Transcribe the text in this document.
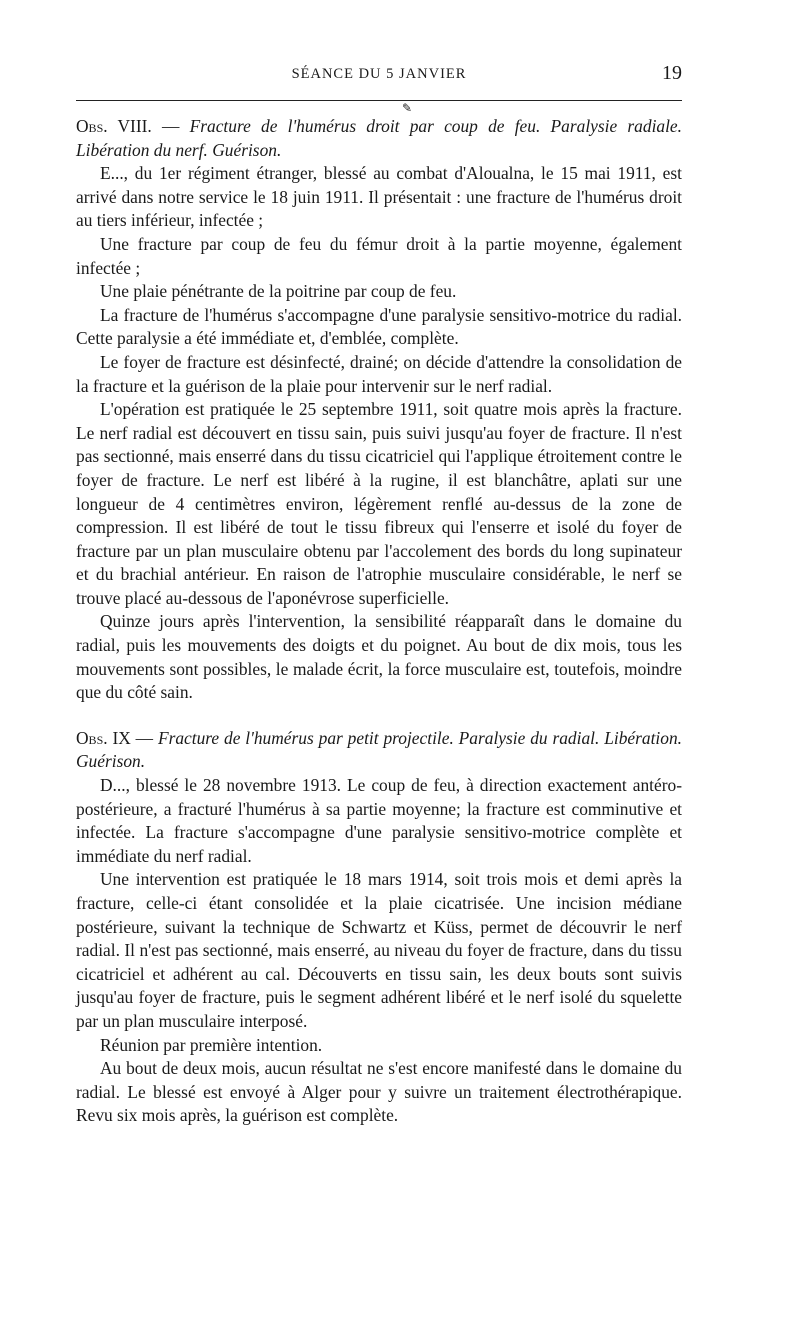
SÉANCE DU 5 JANVIER	19
✎

Obs. VIII. — Fracture de l'humérus droit par coup de feu. Paralysie radiale. Libération du nerf. Guérison.

E..., du 1er régiment étranger, blessé au combat d'Aloualna, le 15 mai 1911, est arrivé dans notre service le 18 juin 1911. Il présentait : une fracture de l'humérus droit au tiers inférieur, infectée ;

Une fracture par coup de feu du fémur droit à la partie moyenne, également infectée ;

Une plaie pénétrante de la poitrine par coup de feu.

La fracture de l'humérus s'accompagne d'une paralysie sensitivo-motrice du radial. Cette paralysie a été immédiate et, d'emblée, complète.

Le foyer de fracture est désinfecté, drainé; on décide d'attendre la consolidation de la fracture et la guérison de la plaie pour intervenir sur le nerf radial.

L'opération est pratiquée le 25 septembre 1911, soit quatre mois après la fracture. Le nerf radial est découvert en tissu sain, puis suivi jusqu'au foyer de fracture. Il n'est pas sectionné, mais enserré dans du tissu cicatriciel qui l'applique étroitement contre le foyer de fracture. Le nerf est libéré à la rugine, il est blanchâtre, aplati sur une longueur de 4 centimètres environ, légèrement renflé au-dessus de la zone de compression. Il est libéré de tout le tissu fibreux qui l'enserre et isolé du foyer de fracture par un plan musculaire obtenu par l'accolement des bords du long supinateur et du brachial antérieur. En raison de l'atrophie musculaire considérable, le nerf se trouve placé au-dessous de l'aponévrose superficielle.

Quinze jours après l'intervention, la sensibilité réapparaît dans le domaine du radial, puis les mouvements des doigts et du poignet. Au bout de dix mois, tous les mouvements sont possibles, le malade écrit, la force musculaire est, toutefois, moindre que du côté sain.

Obs. IX — Fracture de l'humérus par petit projectile. Paralysie du radial. Libération. Guérison.

D..., blessé le 28 novembre 1913. Le coup de feu, à direction exactement antéro-postérieure, a fracturé l'humérus à sa partie moyenne; la fracture est comminutive et infectée. La fracture s'accompagne d'une paralysie sensitivo-motrice complète et immédiate du nerf radial.

Une intervention est pratiquée le 18 mars 1914, soit trois mois et demi après la fracture, celle-ci étant consolidée et la plaie cicatrisée. Une incision médiane postérieure, suivant la technique de Schwartz et Küss, permet de découvrir le nerf radial. Il n'est pas sectionné, mais enserré, au niveau du foyer de fracture, dans du tissu cicatriciel et adhérent au cal. Découverts en tissu sain, les deux bouts sont suivis jusqu'au foyer de fracture, puis le segment adhérent libéré et le nerf isolé du squelette par un plan musculaire interposé.

Réunion par première intention.

Au bout de deux mois, aucun résultat ne s'est encore manifesté dans le domaine du radial. Le blessé est envoyé à Alger pour y suivre un traitement électrothérapique. Revu six mois après, la guérison est complète.
